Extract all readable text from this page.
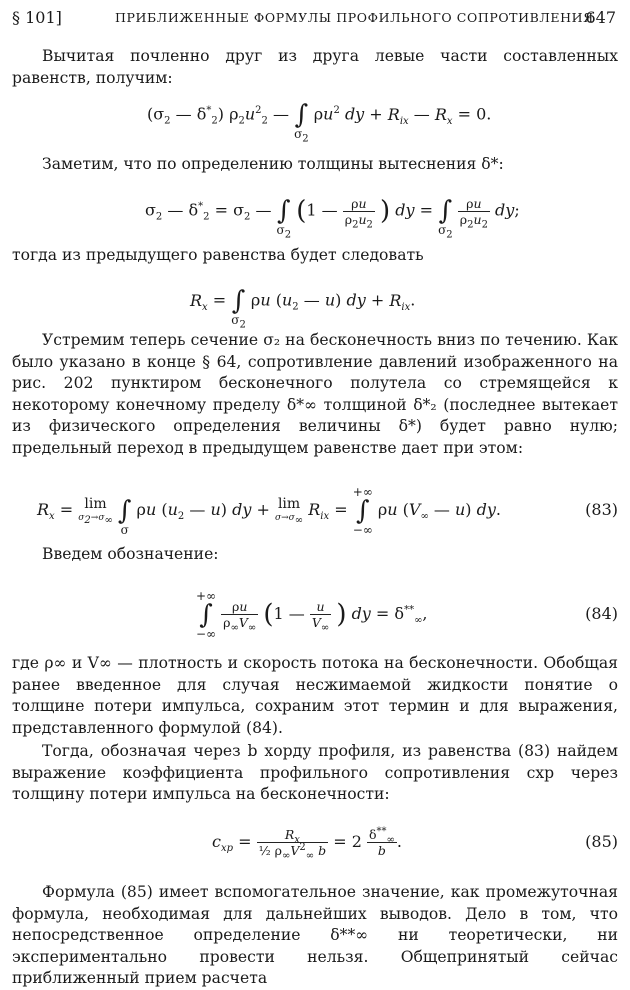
§ 101]	ПРИБЛИЖЕННЫЕ ФОРМУЛЫ ПРОФИЛЬНОГО СОПРОТИВЛЕНИЯ
647
Вычитая почленно друг из друга левые части составленных равенств, получим:
($\sigma_2$ — $\delta^*_2$) $\rho_2u^2_2$ —
∫
$\sigma_2$
$\rho u^2$ dy + $R_{ix}$ — $R_x = 0$.
Заметим, что по определению толщины вытеснения δ*:
$\sigma_2$ — $\delta^*_2 = \sigma_2$ —
∫
$\sigma_2$
(1 — $\frac{\rho u}{\rho_2u_2}$ ) dy =
∫
$\sigma_2$

$\frac{\rho u}{\rho_2u_2}$ dy;
тогда из предыдущего равенства будет следовать
$R_x$ =
∫
$\sigma_2$
ρu ($u_2$ — u) dy + $R_{ix}$.
Устремим теперь сечение σ₂ на бесконечность вниз по течению. Как было указано в конце § 64, сопротивление давлений изображенного на рис. 202 пунктиром бесконечного полутела со стремящейся к некоторому конечному пределу δ*∞ толщиной δ*₂ (последнее вытекает из физического определения величины δ*) будет равно нулю; предельный переход в предыдущем равенстве дает при этом:
$R_x = \lim$
$\sigma_2\to\sigma_\infty$

∫
σ
ρu ($u_2$ — u) dy + lim
$\sigma\to\sigma_\infty$
$R_{ix}$ =
+∞
∫
−∞
ρu ($V_\infty$ — u) dy.	(83)
Введем обозначение:
+∞
∫
−∞

$\frac{\rho u}{\rho_\infty V_\infty} (1$ — $\frac{u}{V_\infty}$ ) dy = $\delta^{**}_\infty$,	(84)
где ρ∞ и V∞ — плотность и скорость потока на бесконечности. Обобщая ранее введенное для случая несжимаемой жидкости понятие о толщине потери импульса, сохраним этот термин и для выражения, представленного формулой (84).
Тогда, обозначая через b хорду профиля, из равенства (83) найдем выражение коэффициента профильного сопротивления cxp через толщину потери импульса на бесконечности:
$c_{xp} = \frac{R_x}{\frac{1}{2} \rho_\infty V^2_\infty b} = 2 \frac{\delta^{**}_\infty}{b}$ .	(85)
Формула (85) имеет вспомогательное значение, как промежуточная формула, необходимая для дальнейших выводов. Дело в том, что непосредственное определение δ**∞ ни теоретически, ни экспериментально провести нельзя. Общепринятый сейчас приближенный прием расчета
